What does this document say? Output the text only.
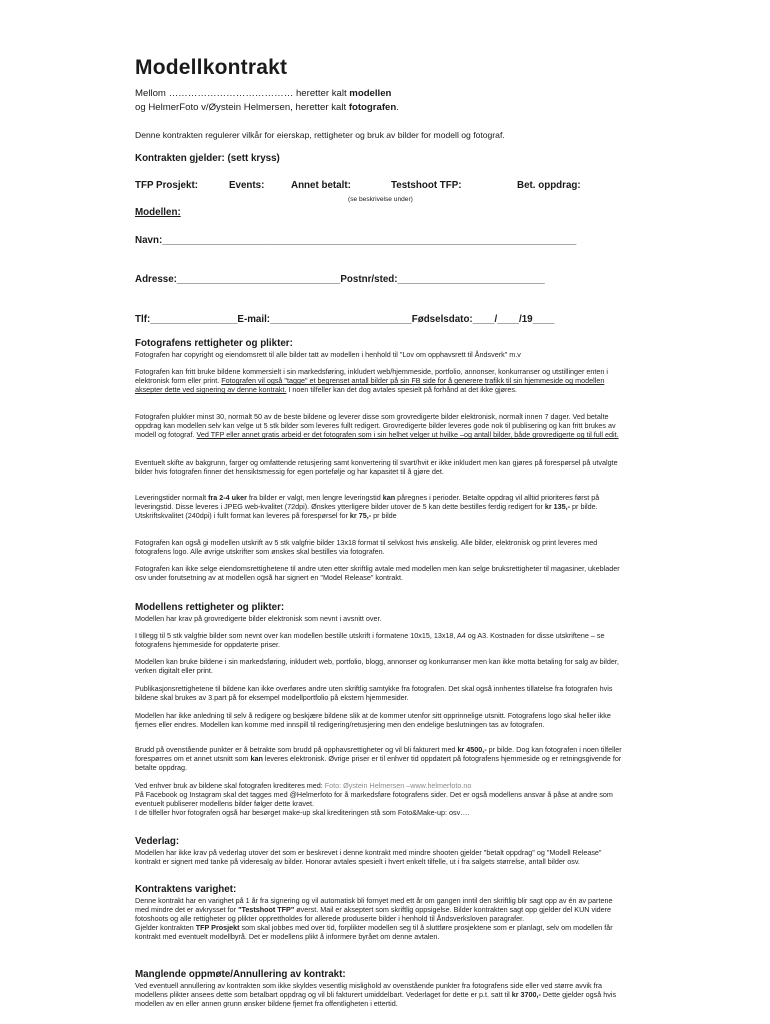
Modellkontrakt
Mellom ………………………………… heretter kalt modellen
og HelmerFoto v/Øystein Helmersen, heretter kalt fotografen.
Denne kontrakten regulerer vilkår for eierskap, rettigheter og bruk av bilder for modell og fotograf.
Kontrakten gjelder: (sett kryss)
TFP Prosjekt:	Events:	Annet betalt:	Testshoot TFP:	Bet. oppdrag:
(se beskrivelse under)
Modellen:
Navn:____________________________________________________________________________
Adresse:______________________________Postnr/sted:___________________________
Tlf:________________E-mail:__________________________Fødselsdato:____/____/19____
Fotografens rettigheter og plikter:
Fotografen har copyright og eiendomsrett til alle bilder tatt av modellen i henhold til "Lov om opphavsrett til Åndsverk" m.v
Fotografen kan fritt bruke bildene kommersielt i sin markedsføring, inkludert web/hjemmeside, portfolio, annonser, konkurranser og utstillinger enten i elektronisk form eller print. Fotografen vil også "tagge" et begrenset antall bilder på sin FB side for å generere trafikk til sin hjemmeside og modellen aksepter dette ved signering av denne kontrakt. I noen tilfeller kan det dog avtales spesielt på forhånd at det ikke gjøres.
Fotografen plukker minst 30, normalt 50 av de beste bildene og leverer disse som grovredigerte bilder elektronisk, normalt innen 7 dager. Ved betalte oppdrag kan modellen selv kan velge ut 5 stk bilder som leveres fullt redigert. Grovredigerte bilder leveres gode nok til publisering og kan fritt brukes av modell og fotograf. Ved TFP eller annet gratis arbeid er det fotografen som i sin helhet velger ut hvilke –og antall bilder, både grovredigerte og til full edit.
Eventuelt skifte av bakgrunn, farger og omfattende retusjering samt konvertering til svart/hvit er ikke inkludert men kan gjøres på forespørsel på utvalgte bilder hvis fotografen finner det hensiktsmessig for egen portefølje og har kapasitet til å gjøre det.
Leveringstider normalt fra 2-4 uker fra bilder er valgt, men lengre leveringstid kan påregnes i perioder. Betalte oppdrag vil alltid prioriteres først på leveringstid. Disse leveres i JPEG web-kvalitet (72dpi). Ønskes ytterligere bilder utover de 5 kan dette bestilles ferdig redigert for kr 135,- pr bilde. Utskriftskvalitet (240dpi) i fullt format kan leveres på forespørsel for kr 75,- pr bilde
Fotografen kan også gi modellen utskrift av 5 stk valgfrie bilder 13x18 format til selvkost hvis ønskelig. Alle bilder, elektronisk og print leveres med fotografens logo. Alle øvrige utskrifter som ønskes skal bestilles via fotografen.
Fotografen kan ikke selge eiendomsrettighetene til andre uten etter skriftlig avtale med modellen men kan selge bruksrettigheter til magasiner, ukeblader osv under forutsetning av at modellen også har signert en "Model Release" kontrakt.
Modellens rettigheter og plikter:
Modellen har krav på grovredigerte bilder elektronisk som nevnt i avsnitt over.
I tillegg til 5 stk valgfrie bilder som nevnt over kan modellen bestille utskrift i formatene 10x15, 13x18, A4 og A3. Kostnaden for disse utskriftene – se fotografens hjemmeside for oppdaterte priser.
Modellen kan bruke bildene i sin markedsføring, inkludert web, portfolio, blogg, annonser og konkurranser men kan ikke motta betaling for salg av bilder, verken digitalt eller print.
Publikasjonsrettighetene til bildene kan ikke overføres andre uten skriftlig samtykke fra fotografen. Det skal også innhentes tillatelse fra fotografen hvis bildene skal brukes av 3.part på for eksempel modellportfolio på ekstern hjemmesider.
Modellen har ikke anledning til selv å redigere og beskjære bildene slik at de kommer utenfor sitt opprinnelige utsnitt. Fotografens logo skal heller ikke fjernes eller endres. Modellen kan komme med innspill til redigering/retusjering men den endelige beslutningen tas av fotografen.
Brudd på ovenstående punkter er å betrakte som brudd på opphavsrettigheter og vil bli fakturert med kr 4500,- pr bilde. Dog kan fotografen i noen tilfeller forespørres om et annet utsnitt som kan leveres elektronisk. Øvrige priser er til enhver tid oppdatert på fotografens hjemmeside og er retningsgivende for betalte oppdrag.
Ved enhver bruk av bildene skal fotografen krediteres med: Foto: Øystein Helmersen –www.helmerfoto.no
På Facebook og Instagram skal det tagges med @Helmerfoto for å markedsføre fotografens sider. Det er også modellens ansvar å påse at andre som eventuelt publiserer modellens bilder følger dette kravet.
I de tilfeller hvor fotografen også har besørget make-up skal krediteringen stå som Foto&Make-up: osv….
Vederlag:
Modellen har ikke krav på vederlag utover det som er beskrevet i denne kontrakt med mindre shooten gjelder "betalt oppdrag" og "Modell Release" kontrakt er signert med tanke på videresalg av bilder. Honorar avtales spesielt i hvert enkelt tilfelle, ut i fra salgets størrelse, antall bilder osv.
Kontraktens varighet:
Denne kontrakt har en varighet på 1 år fra signering og vil automatisk bli fornyet med ett år om gangen inntil den skriftlig blir sagt opp av én av partene med mindre det er avkrysset for "Testshoot TFP" øverst. Mail er akseptert som skriftlig oppsigelse. Bilder kontrakten sagt opp gjelder del KUN videre fotoshoots og alle rettigheter og plikter opprettholdes for allerede produserte bilder i henhold til Åndsverksloven paragrafer.
Gjelder kontrakten TFP Prosjekt som skal jobbes med over tid, forplikter modellen seg til å sluttføre prosjektene som er planlagt, selv om modellen får kontrakt med eventuelt modellbyrå. Det er modellens plikt å informere byrået om denne avtalen.
Manglende oppmøte/Annullering av kontrakt:
Ved eventuell annullering av kontrakten som ikke skyldes vesentlig mislighold av ovenstående punkter fra fotografens side eller ved større avvik fra modellens plikter ansees dette som betalbart oppdrag og vil bli fakturert umiddelbart. Vederlaget for dette er p.t. satt til kr 3700,- Dette gjelder også hvis modellen av en eller annen grunn ønsker bildene fjernet fra offentligheten i ettertid.
